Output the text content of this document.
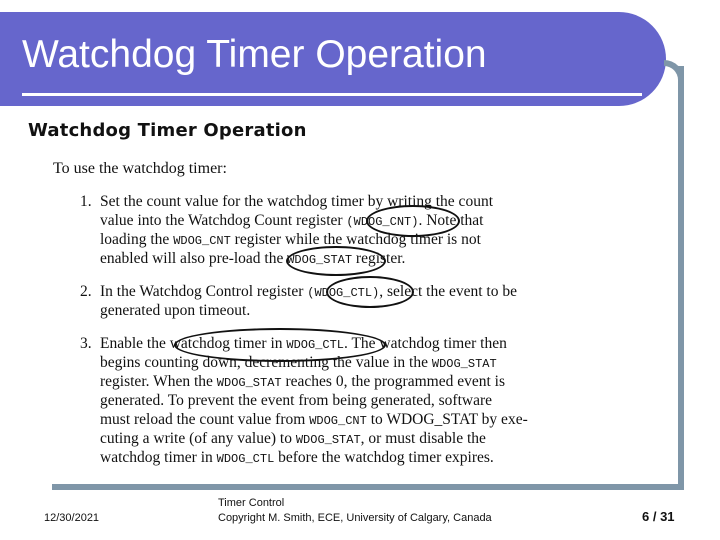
Watchdog Timer Operation
Watchdog Timer Operation
To use the watchdog timer:
1. Set the count value for the watchdog timer by writing the count
value into the Watchdog Count register (WDOG_CNT). Note that
loading the WDOG_CNT register while the watchdog timer is not
enabled will also pre-load the WDOG_STAT register.
2. In the Watchdog Control register (WDOG_CTL), select the event to be
generated upon timeout.
3. Enable the watchdog timer in WDOG_CTL. The watchdog timer then
begins counting down, decrementing the value in the WDOG_STAT
register. When the WDOG_STAT reaches 0, the programmed event is
generated. To prevent the event from being generated, software
must reload the count value from WDOG_CNT to WDOG_STAT by exe-
cuting a write (of any value) to WDOG_STAT, or must disable the
watchdog timer in WDOG_CTL before the watchdog timer expires.
12/30/2021
Timer Control
Copyright M. Smith, ECE, University of Calgary, Canada	6 / 31
